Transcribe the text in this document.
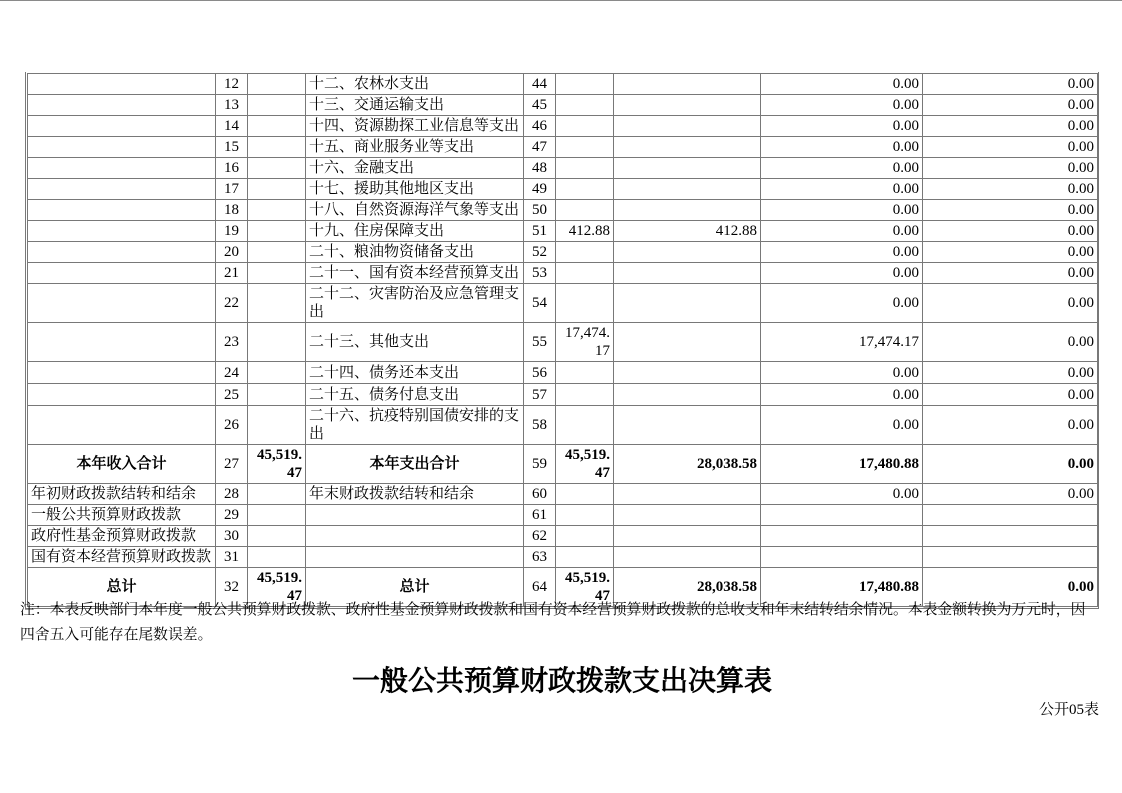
	12		十二、农林水支出	44			0.00	0.00
	13		十三、交通运输支出	45			0.00	0.00
	14		十四、资源勘探工业信息等支出	46			0.00	0.00
	15		十五、商业服务业等支出	47			0.00	0.00
	16		十六、金融支出	48			0.00	0.00
	17		十七、援助其他地区支出	49			0.00	0.00
	18		十八、自然资源海洋气象等支出	50			0.00	0.00
	19		十九、住房保障支出	51	412.88	412.88	0.00	0.00
	20		二十、粮油物资储备支出	52			0.00	0.00
	21		二十一、国有资本经营预算支出	53			0.00	0.00
	22		二十二、灾害防治及应急管理支出	54			0.00	0.00
	23		二十三、其他支出	55	17,474.17		17,474.17	0.00
	24		二十四、债务还本支出	56			0.00	0.00
	25		二十五、债务付息支出	57			0.00	0.00
	26		二十六、抗疫特别国债安排的支出	58			0.00	0.00
本年收入合计	27	45,519.47	本年支出合计	59	45,519.47	28,038.58	17,480.88	0.00
年初财政拨款结转和结余	28		年末财政拨款结转和结余	60			0.00	0.00
一般公共预算财政拨款	29			61				
政府性基金预算财政拨款	30			62				
国有资本经营预算财政拨款	31			63				
总计	32	45,519.47	总计	64	45,519.47	28,038.58	17,480.88	0.00
注：本表反映部门本年度一般公共预算财政拨款、政府性基金预算财政拨款和国有资本经营预算财政拨款的总收支和年末结转结余情况。本表金额转换为万元时，因四舍五入可能存在尾数误差。
一般公共预算财政拨款支出决算表
公开05表
